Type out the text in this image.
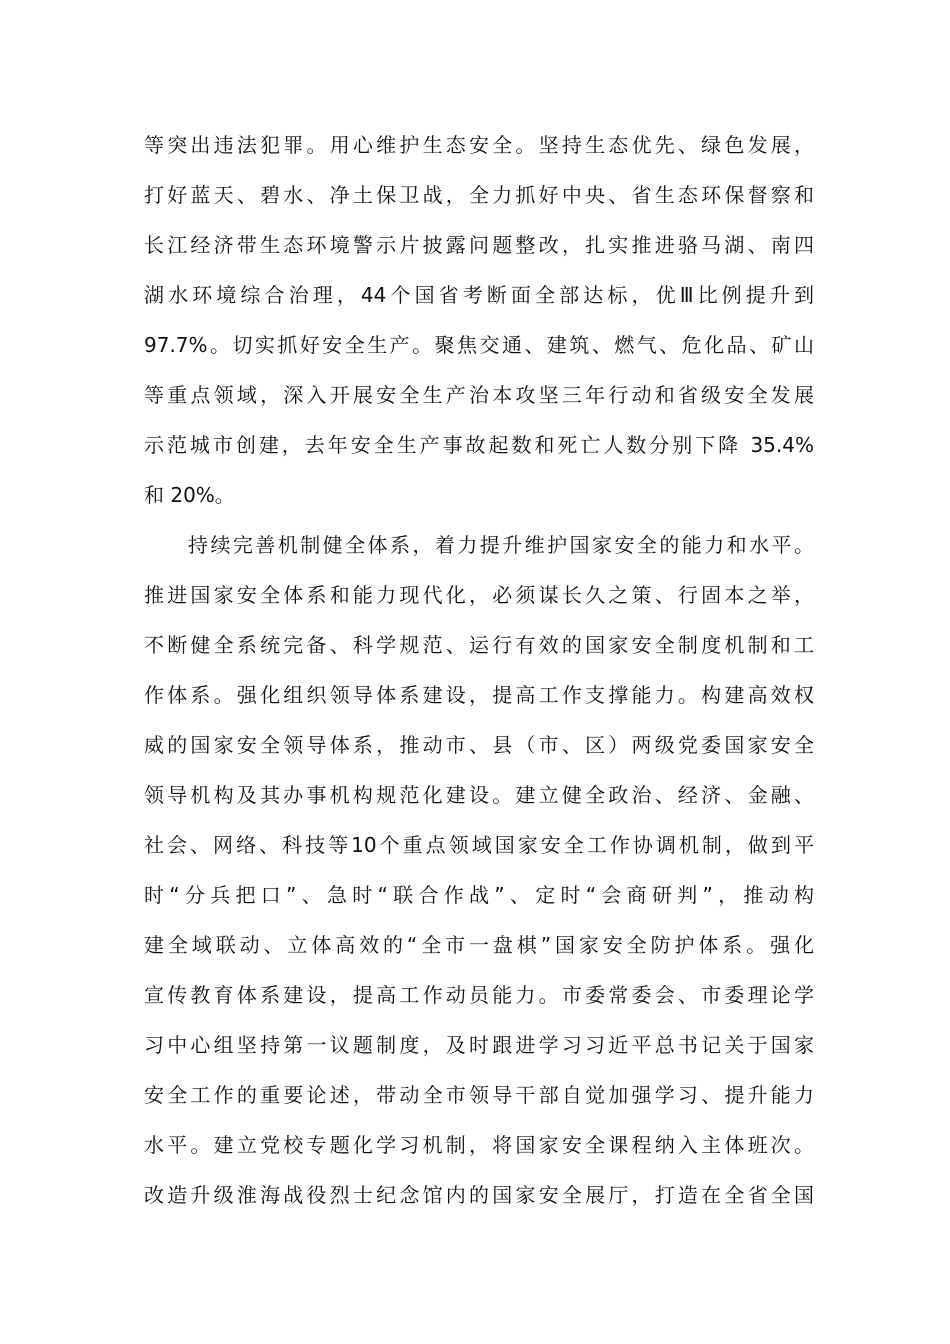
等突出违法犯罪。用心维护生态安全。坚持生态优先、绿色发展，
打好蓝天、碧水、净土保卫战，全力抓好中央、省生态环保督察和
长江经济带生态环境警示片披露问题整改，扎实推进骆马湖、南四
湖水环境综合治理，44个国省考断面全部达标，优Ⅲ比例提升到
97.7%。切实抓好安全生产。聚焦交通、建筑、燃气、危化品、矿山
等重点领域，深入开展安全生产治本攻坚三年行动和省级安全发展
示范城市创建，去年安全生产事故起数和死亡人数分别下降 35.4%
和 20%。
持续完善机制健全体系，着力提升维护国家安全的能力和水平。
推进国家安全体系和能力现代化，必须谋长久之策、行固本之举，
不断健全系统完备、科学规范、运行有效的国家安全制度机制和工
作体系。强化组织领导体系建设，提高工作支撑能力。构建高效权
威的国家安全领导体系，推动市、县（市、区）两级党委国家安全
领导机构及其办事机构规范化建设。建立健全政治、经济、金融、
社会、网络、科技等10个重点领域国家安全工作协调机制，做到平
时“分兵把口”、急时“联合作战”、定时“会商研判”，推动构
建全域联动、立体高效的“全市一盘棋”国家安全防护体系。强化
宣传教育体系建设，提高工作动员能力。市委常委会、市委理论学
习中心组坚持第一议题制度，及时跟进学习习近平总书记关于国家
安全工作的重要论述，带动全市领导干部自觉加强学习、提升能力
水平。建立党校专题化学习机制，将国家安全课程纳入主体班次。
改造升级淮海战役烈士纪念馆内的国家安全展厅，打造在全省全国
